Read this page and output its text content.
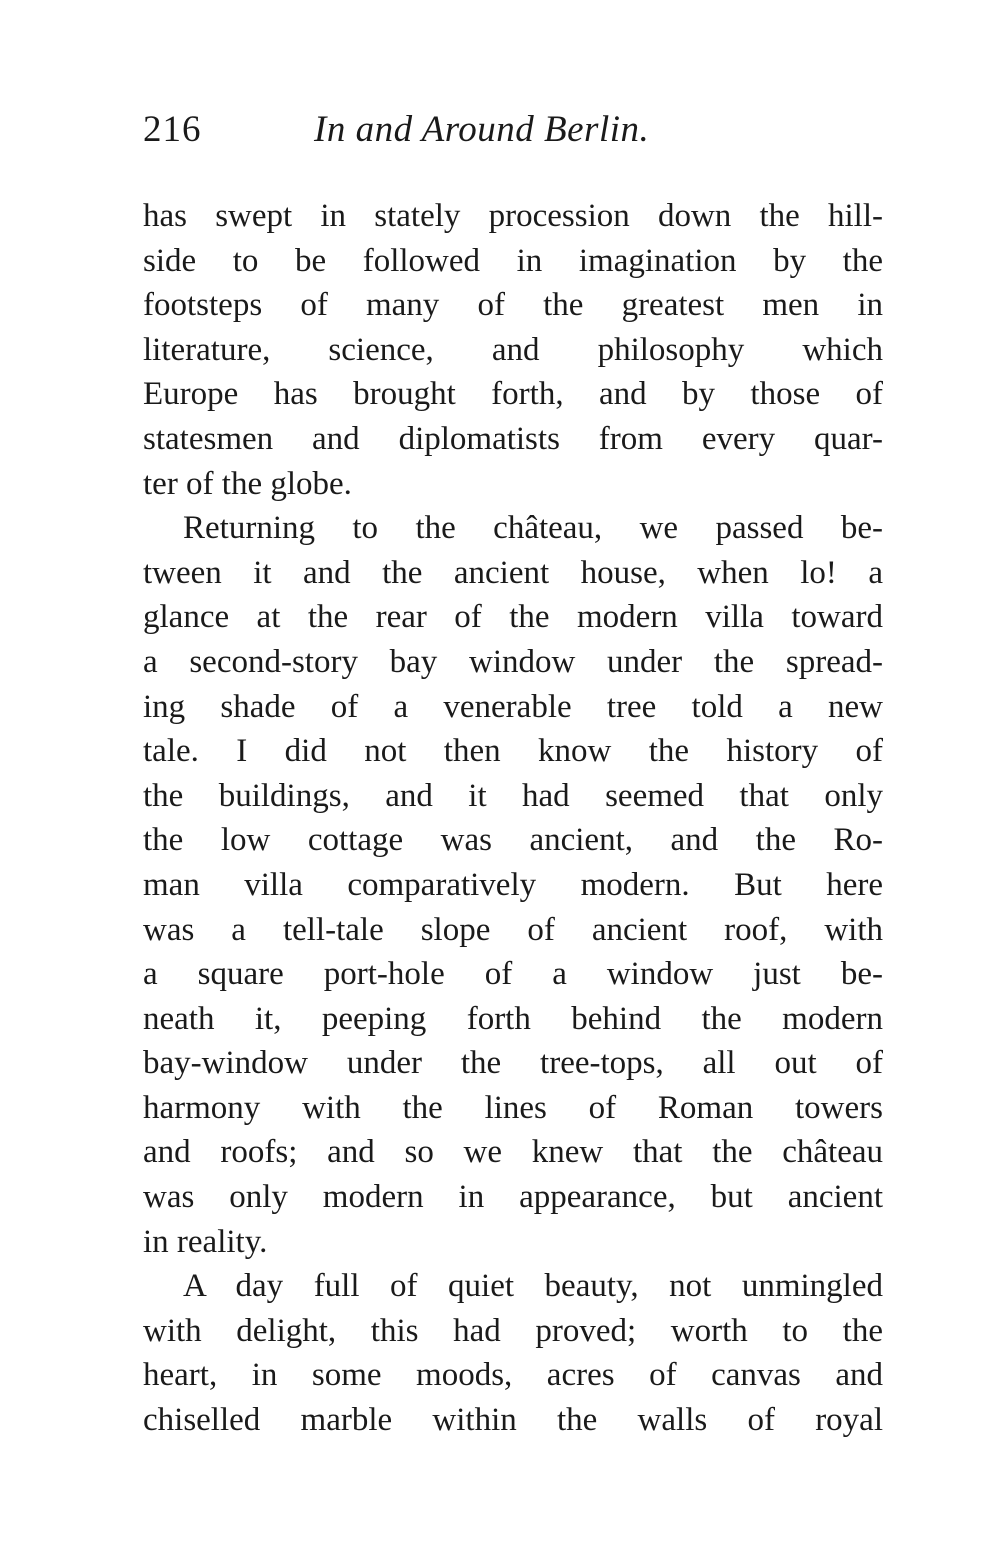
216	In and Around Berlin.
has swept in stately procession down the hill-
side to be followed in imagination by the
footsteps of many of the greatest men in
literature, science, and philosophy which
Europe has brought forth, and by those of
statesmen and diplomatists from every quar-
ter of the globe.
Returning to the château, we passed be-
tween it and the ancient house, when lo! a
glance at the rear of the modern villa toward
a second-story bay window under the spread-
ing shade of a venerable tree told a new
tale. I did not then know the history of
the buildings, and it had seemed that only
the low cottage was ancient, and the Ro-
man villa comparatively modern. But here
was a tell-tale slope of ancient roof, with
a square port-hole of a window just be-
neath it, peeping forth behind the modern
bay-window under the tree-tops, all out of
harmony with the lines of Roman towers
and roofs; and so we knew that the château
was only modern in appearance, but ancient
in reality.
A day full of quiet beauty, not unmingled
with delight, this had proved; worth to the
heart, in some moods, acres of canvas and
chiselled marble within the walls of royal
